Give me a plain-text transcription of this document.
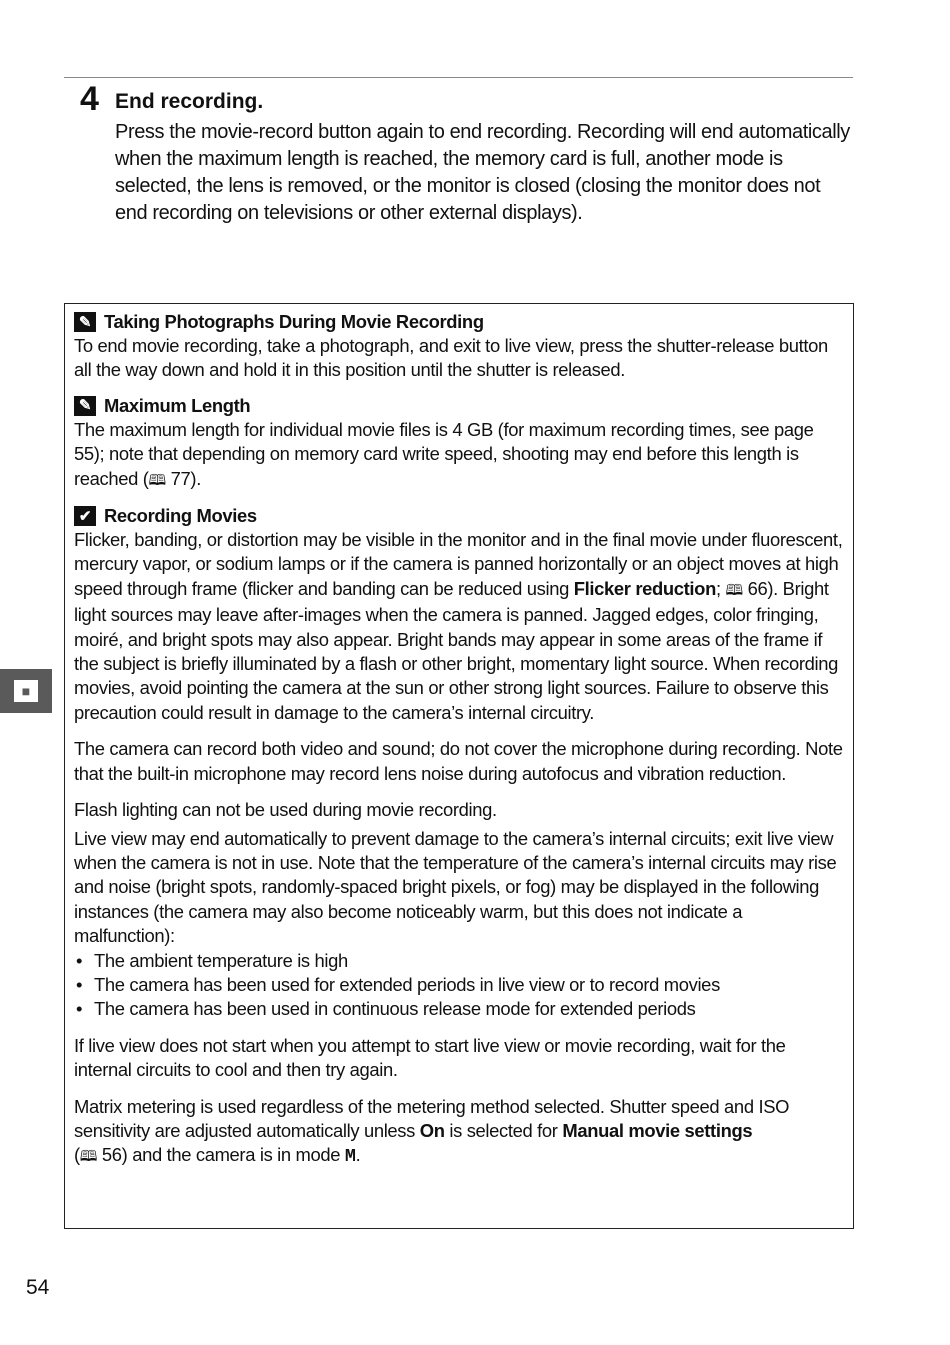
4 End recording.
Press the movie-record button again to end recording. Recording will end automatically when the maximum length is reached, the memory card is full, another mode is selected, the lens is removed, or the monitor is closed (closing the monitor does not end recording on televisions or other external displays).
✎ Taking Photographs During Movie Recording
To end movie recording, take a photograph, and exit to live view, press the shutter-release button all the way down and hold it in this position until the shutter is released.
✎ Maximum Length
The maximum length for individual movie files is 4 GB (for maximum recording times, see page 55); note that depending on memory card write speed, shooting may end before this length is reached (🕮 77).
✔ Recording Movies
Flicker, banding, or distortion may be visible in the monitor and in the final movie under fluorescent, mercury vapor, or sodium lamps or if the camera is panned horizontally or an object moves at high speed through frame (flicker and banding can be reduced using Flicker reduction; 🕮 66). Bright light sources may leave after-images when the camera is panned. Jagged edges, color fringing, moiré, and bright spots may also appear. Bright bands may appear in some areas of the frame if the subject is briefly illuminated by a flash or other bright, momentary light source. When recording movies, avoid pointing the camera at the sun or other strong light sources. Failure to observe this precaution could result in damage to the camera’s internal circuitry.
The camera can record both video and sound; do not cover the microphone during recording. Note that the built-in microphone may record lens noise during autofocus and vibration reduction.
Flash lighting can not be used during movie recording.
Live view may end automatically to prevent damage to the camera’s internal circuits; exit live view when the camera is not in use. Note that the temperature of the camera’s internal circuits may rise and noise (bright spots, randomly-spaced bright pixels, or fog) may be displayed in the following instances (the camera may also become noticeably warm, but this does not indicate a malfunction):
• The ambient temperature is high
• The camera has been used for extended periods in live view or to record movies
• The camera has been used in continuous release mode for extended periods
If live view does not start when you attempt to start live view or movie recording, wait for the internal circuits to cool and then try again.
Matrix metering is used regardless of the metering method selected. Shutter speed and ISO sensitivity are adjusted automatically unless On is selected for Manual movie settings
(🕮 56) and the camera is in mode M.
■
54
